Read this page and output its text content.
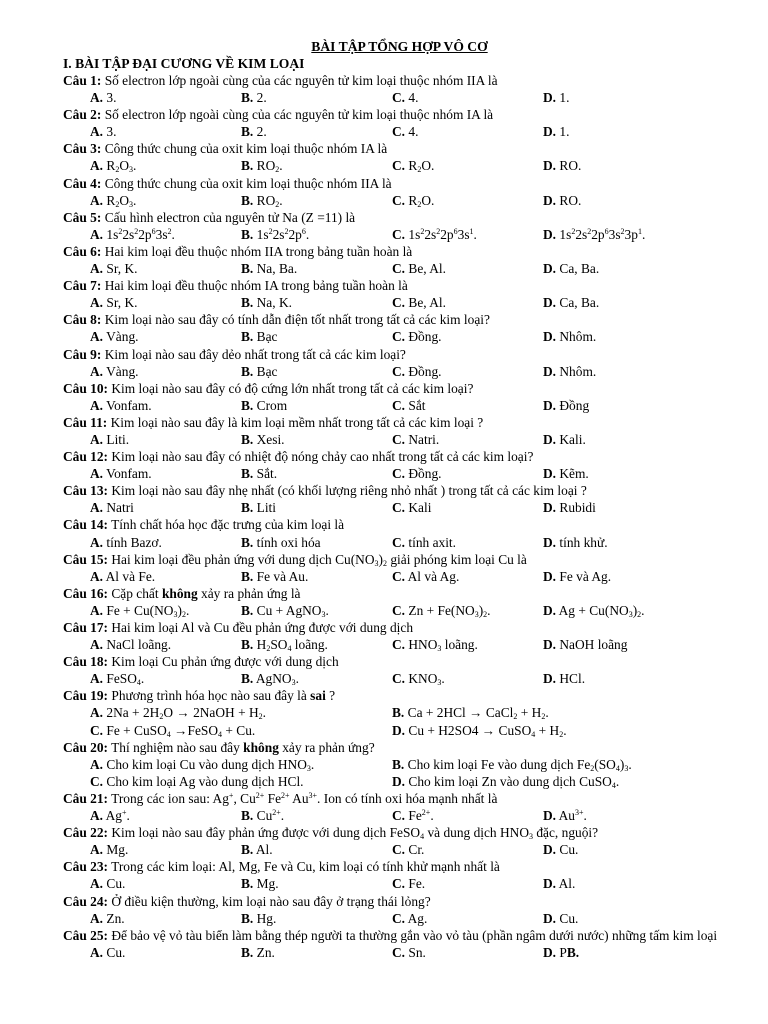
BÀI TẬP TỔNG HỢP VÔ CƠ
I. BÀI TẬP ĐẠI CƯƠNG VỀ KIM LOẠI
Câu 1: Số electron lớp ngoài cùng của các nguyên tử kim loại thuộc nhóm IIA là
A. 3.	B. 2.	C. 4.	D. 1.
Câu 2: Số electron lớp ngoài cùng của các nguyên tử kim loại thuộc nhóm IA là
A. 3.	B. 2.	C. 4.	D. 1.
Câu 3: Công thức chung của oxit kim loại thuộc nhóm IA là
A. $R_2O_3$.	B. $RO_2$.	C. $R_2O$.	D. RO.
Câu 4: Công thức chung của oxit kim loại thuộc nhóm IIA là
A. $R_2O_3$.	B. $RO_2$.	C. $R_2O$.	D. RO.
Câu 5: Cấu hình electron của nguyên tử Na (Z =11) là
A. $1s^22s^22p^63s^2$.	B. $1s^22s^22p^6$.	C. $1s^22s^22p^63s^1$.	D. $1s^22s^22p^63s^23p^1$.
Câu 6: Hai kim loại đều thuộc nhóm IIA trong bảng tuần hoàn là
A. Sr, K.	B. Na, Ba.	C. Be, Al.	D. Ca, Ba.
Câu 7: Hai kim loại đều thuộc nhóm IA trong bảng tuần hoàn là
A. Sr, K.	B. Na, K.	C. Be, Al.	D. Ca, Ba.
Câu 8: Kim loại nào sau đây có tính dẫn điện tốt nhất trong tất cả các kim loại?
A. Vàng.	B. Bạc	C. Đồng.	D. Nhôm.
Câu 9: Kim loại nào sau đây dẻo nhất trong tất cả các kim loại?
A. Vàng.	B. Bạc	C. Đồng.	D. Nhôm.
Câu 10: Kim loại nào sau đây có độ cứng lớn nhất trong tất cả các kim loại?
A. Vonfam.	B. Crom	C. Sắt	D. Đồng
Câu 11: Kim loại nào sau đây là kim loại mềm nhất trong tất cả các kim loại ?
A. Liti.	B. Xesi.	C. Natri.	D. Kali.
Câu 12: Kim loại nào sau đây có nhiệt độ nóng chảy cao nhất trong tất cả các kim loại?
A. Vonfam.	B. Sắt.	C. Đồng.	D. Kẽm.
Câu 13: Kim loại nào sau đây nhẹ nhất (có khối lượng riêng nhỏ nhất ) trong tất cả các kim loại ?
A. Natri	B. Liti	C. Kali	D. Rubidi
Câu 14: Tính chất hóa học đặc trưng của kim loại là
A. tính Bazơ.	B. tính oxi hóa	C. tính axit.	D. tính khử.
Câu 15: Hai kim loại đều phản ứng với dung dịch $Cu(NO_3)_2$ giải phóng kim loại Cu là
A. Al và Fe.	B. Fe và Au.	C. Al và Ag.	D. Fe và Ag.
Câu 16: Cặp chất không xảy ra phản ứng là
A. $Fe + Cu(NO_3)_2$.	B. Cu + AgNO$_3$.	C. $Zn + Fe(NO_3)_2$.	D. $Ag + Cu(NO_3)_2$.
Câu 17: Hai kim loại Al và Cu đều phản ứng được với dung dịch
A. NaCl loãng.	B. $H_2SO_4$ loãng.	C. $HNO_3$ loãng.	D. NaOH loãng
Câu 18: Kim loại Cu phản ứng được với dung dịch
A. FeSO$_4$.	B. AgNO$_3$.	C. $KNO_3$.	D. HCl.
Câu 19: Phương trình hóa học nào sau đây là sai ?
A. $2Na + 2H_2O$ → 2NaOH + $H_2$.	B. Ca + 2HCl → CaCl$_2$ + $H_2$.
C. Fe + CuSO$_4$ →FeSO$_4$ + Cu.	D. Cu + H2SO4 → CuSO$_4$ + $H_2$.
Câu 20: Thí nghiệm nào sau đây không xảy ra phản ứng?
A. Cho kim loại Cu vào dung dịch $HNO_3$.	B. Cho kim loại Fe vào dung dịch $Fe_2(SO_4)_3$.
C. Cho kim loại Ag vào dung dịch HCl.	D. Cho kim loại Zn vào dung dịch CuSO$_4$.
Câu 21: Trong các ion sau: Ag+, $Cu^{2+}$ $Fe^{2+}$ $Au^{3+}$. Ion có tính oxi hóa mạnh nhất là
A. Ag+.	B. $Cu^{2+}$.	C. $Fe^{2+}$.	D. $Au^{3+}$.
Câu 22: Kim loại nào sau đây phản ứng được với dung dịch FeSO$_4$ và dung dịch $HNO_3$ đặc, nguội?
A. Mg.	B. Al.	C. Cr.	D. Cu.
Câu 23: Trong các kim loại: Al, Mg, Fe và Cu, kim loại có tính khử mạnh nhất là
A. Cu.	B. Mg.	C. Fe.	D. Al.
Câu 24: Ở điều kiện thường, kim loại nào sau đây ở trạng thái lỏng?
A. Zn.	B. Hg.	C. Ag.	D. Cu.
Câu 25: Để bảo vệ vỏ tàu biển làm bằng thép người ta thường gắn vào vỏ tàu (phần ngâm dưới nước) những tấm kim loại
A. Cu.	B. Zn.	C. Sn.	D. PB.
